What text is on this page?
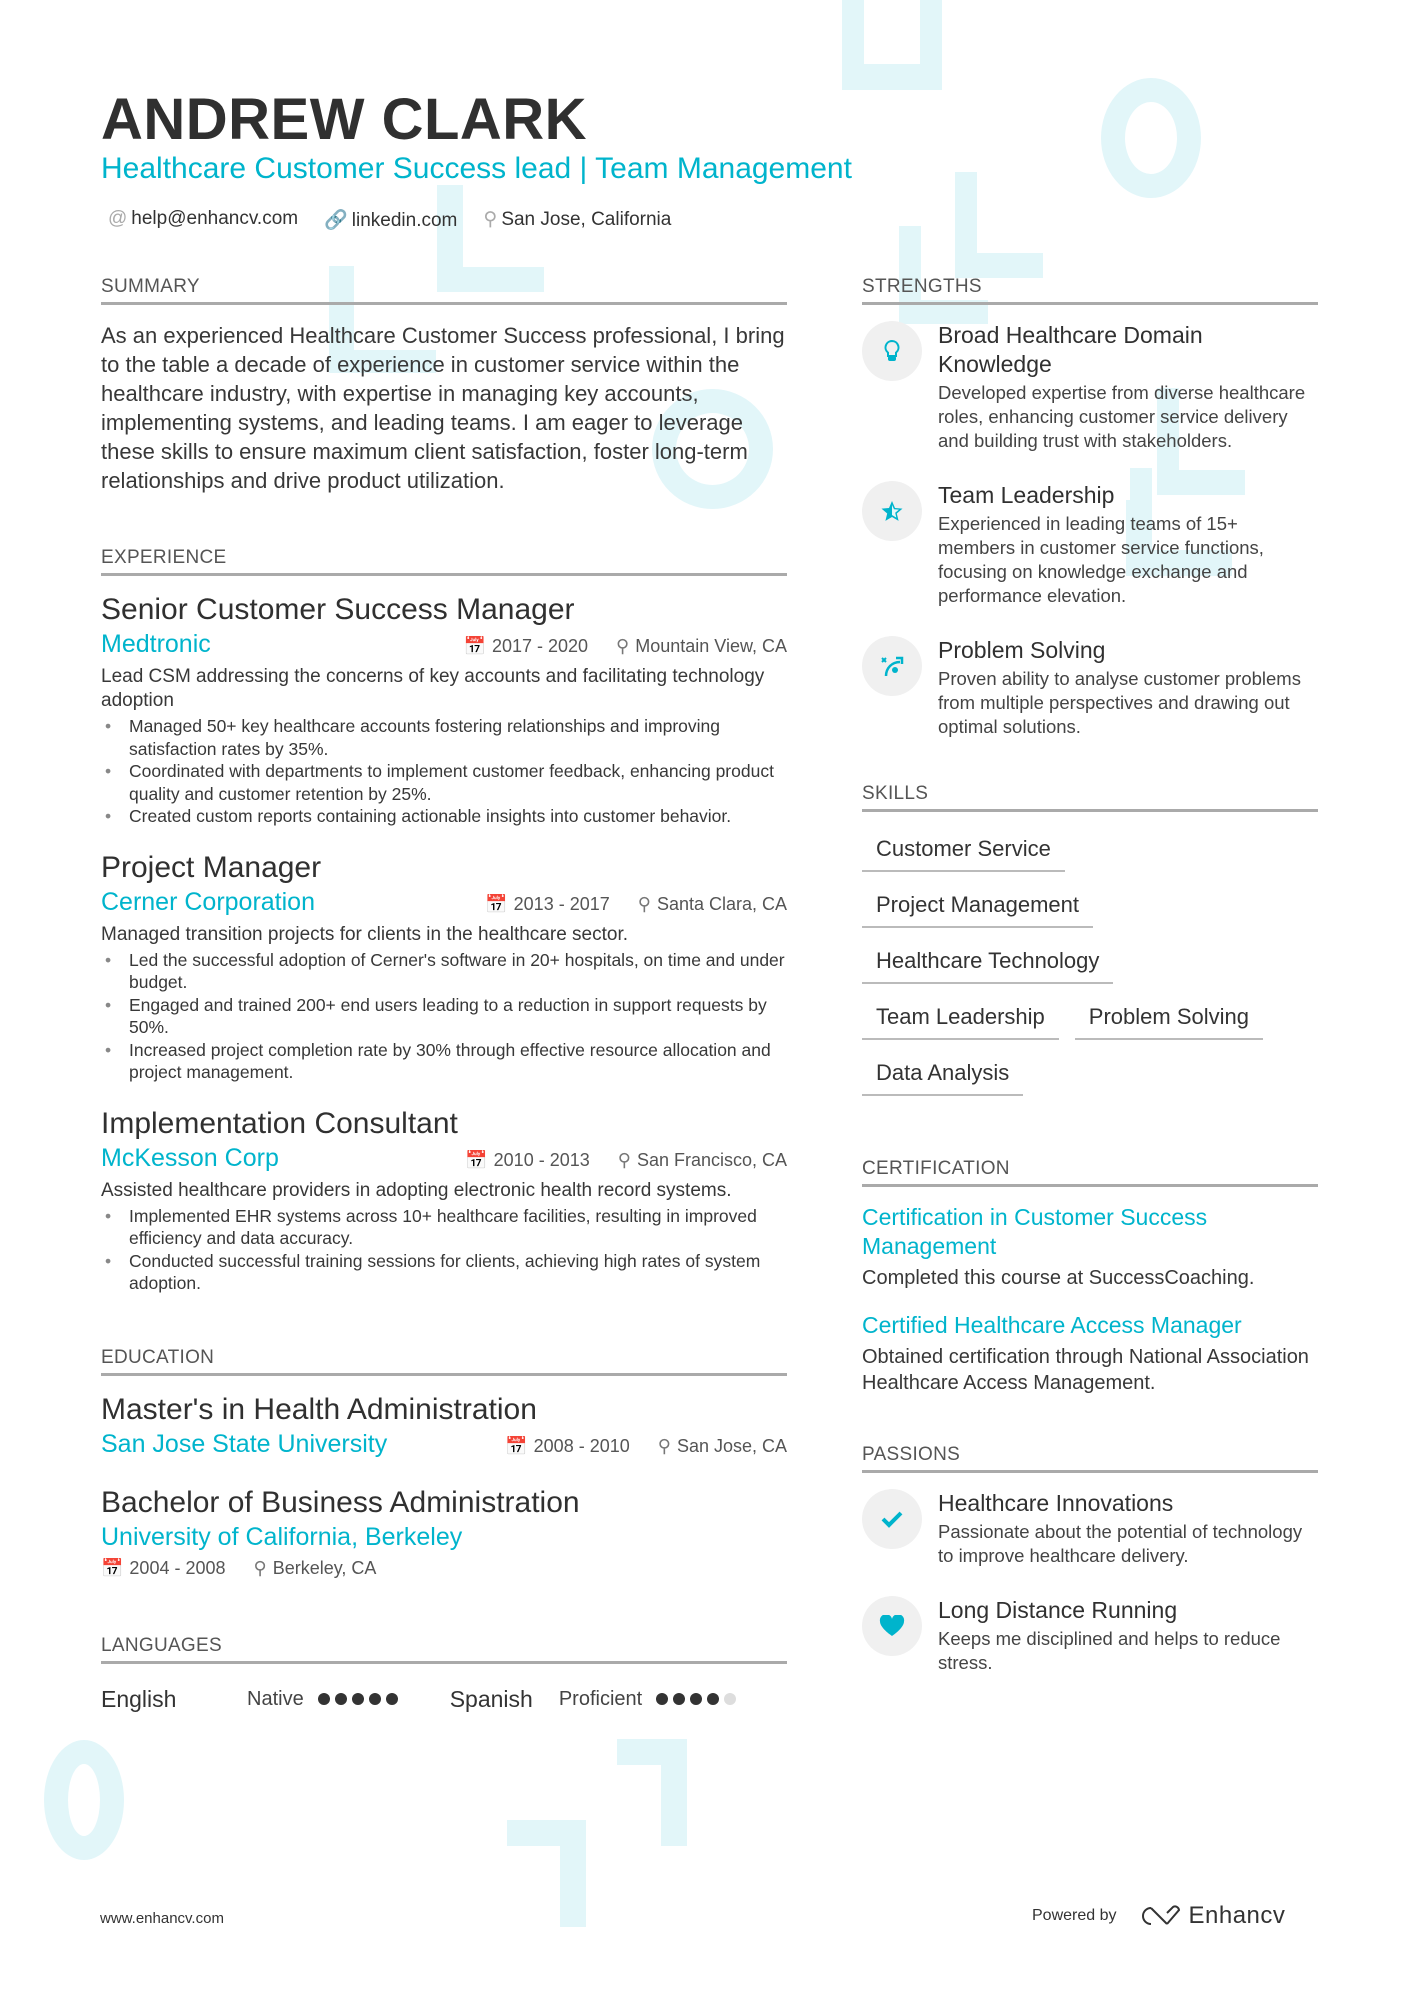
ANDREW CLARK
Healthcare Customer Success lead | Team Management
@ help@enhancv.com 🔗 linkedin.com ⚲ San Jose, California
SUMMARY

As an experienced Healthcare Customer Success professional, I bring to the table a decade of experience in customer service within the healthcare industry, with expertise in managing key accounts, implementing systems, and leading teams. I am eager to leverage these skills to ensure maximum client satisfaction, foster long-term relationships and drive product utilization.

EXPERIENCE
Senior Customer Success Manager
Medtronic	📅 2017 - 2020 ⚲ Mountain View, CA
Lead CSM addressing the concerns of key accounts and facilitating technology adoption
• Managed 50+ key healthcare accounts fostering relationships and improving satisfaction rates by 35%.
• Coordinated with departments to implement customer feedback, enhancing product quality and customer retention by 25%.
• Created custom reports containing actionable insights into customer behavior.
Project Manager
Cerner Corporation	📅 2013 - 2017 ⚲ Santa Clara, CA
Managed transition projects for clients in the healthcare sector.
• Led the successful adoption of Cerner's software in 20+ hospitals, on time and under budget.
• Engaged and trained 200+ end users leading to a reduction in support requests by 50%.
• Increased project completion rate by 30% through effective resource allocation and project management.
Implementation Consultant
McKesson Corp	📅 2010 - 2013 ⚲ San Francisco, CA
Assisted healthcare providers in adopting electronic health record systems.
• Implemented EHR systems across 10+ healthcare facilities, resulting in improved efficiency and data accuracy.
• Conducted successful training sessions for clients, achieving high rates of system adoption.
EDUCATION
Master's in Health Administration
San Jose State University	📅 2008 - 2010 ⚲ San Jose, CA
Bachelor of Business Administration
University of California, Berkeley
📅 2004 - 2008 ⚲ Berkeley, CA
LANGUAGES
English	Native	Spanish Proficient
STRENGTHS
Broad Healthcare Domain Knowledge
Developed expertise from diverse healthcare roles, enhancing customer service delivery and building trust with stakeholders.
Team Leadership
Experienced in leading teams of 15+ members in customer service functions, focusing on knowledge exchange and performance elevation.
Problem Solving
Proven ability to analyse customer problems from multiple perspectives and drawing out optimal solutions.
SKILLS
Customer Service
Project Management
Healthcare Technology
Team Leadership	Problem Solving
Data Analysis
CERTIFICATION
Certification in Customer Success Management
Completed this course at SuccessCoaching.
Certified Healthcare Access Manager
Obtained certification through National Association Healthcare Access Management.
PASSIONS
Healthcare Innovations
Passionate about the potential of technology to improve healthcare delivery.
Long Distance Running
Keeps me disciplined and helps to reduce stress.
www.enhancv.com	Powered by	Enhancv
